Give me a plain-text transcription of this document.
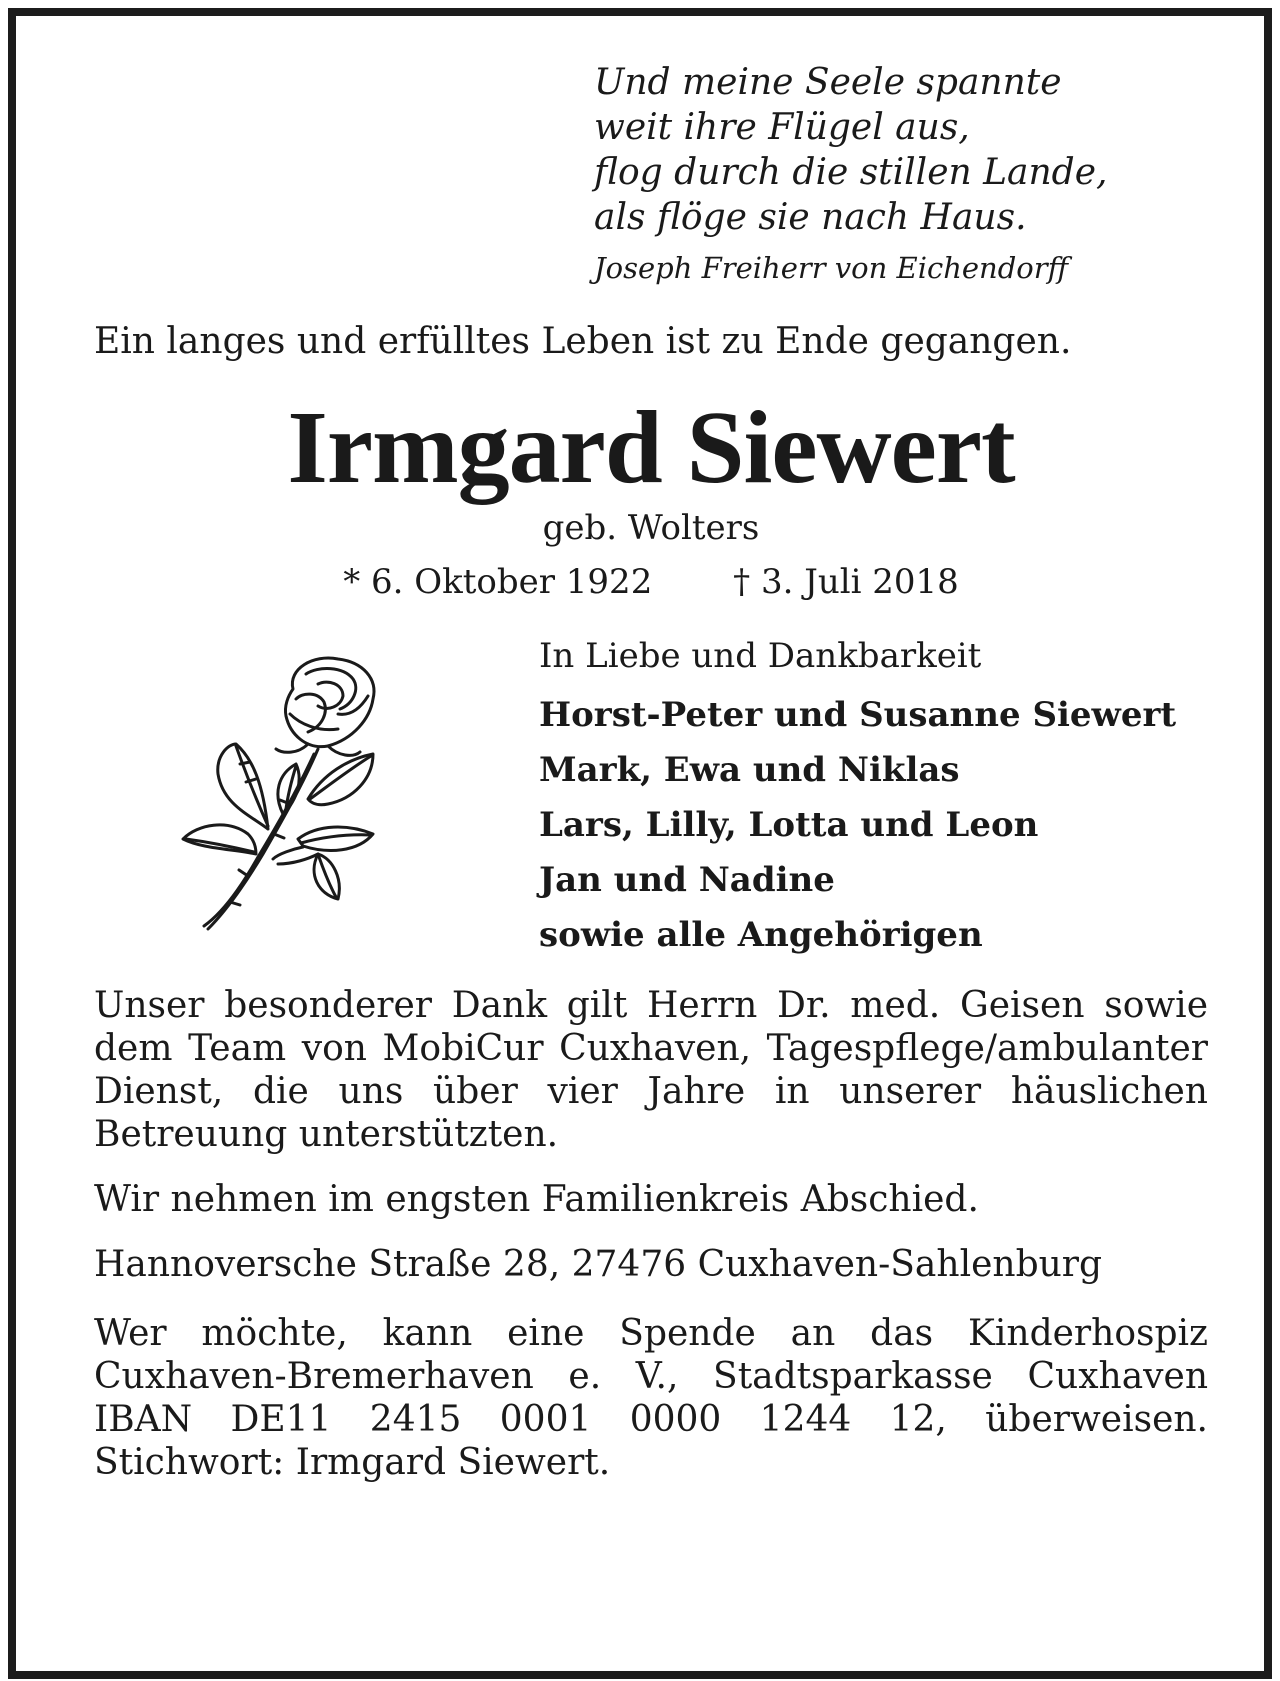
Und meine Seele spannte
weit ihre Flügel aus,
flog durch die stillen Lande,
als flöge sie nach Haus.
Joseph Freiherr von Eichendorff
Ein langes und erfülltes Leben ist zu Ende gegangen.
Irmgard Siewert
geb. Wolters
* 6. Oktober 1922 † 3. Juli 2018
In Liebe und Dankbarkeit
Horst-Peter und Susanne Siewert
Mark, Ewa und Niklas
Lars, Lilly, Lotta und Leon
Jan und Nadine
sowie alle Angehörigen
Unser besonderer Dank gilt Herrn Dr. med. Geisen sowie dem Team von MobiCur Cuxhaven, Tagespflege/ambulanter Dienst, die uns über vier Jahre in unserer häuslichen Betreuung unterstützten.
Wir nehmen im engsten Familienkreis Abschied.
Hannoversche Straße 28, 27476 Cuxhaven-Sahlenburg
Wer möchte, kann eine Spende an das Kinderhospiz Cuxhaven-Bremerhaven e. V., Stadtsparkasse Cuxhaven IBAN DE11 2415 0001 0000 1244 12, überweisen. Stichwort: Irmgard Siewert.
